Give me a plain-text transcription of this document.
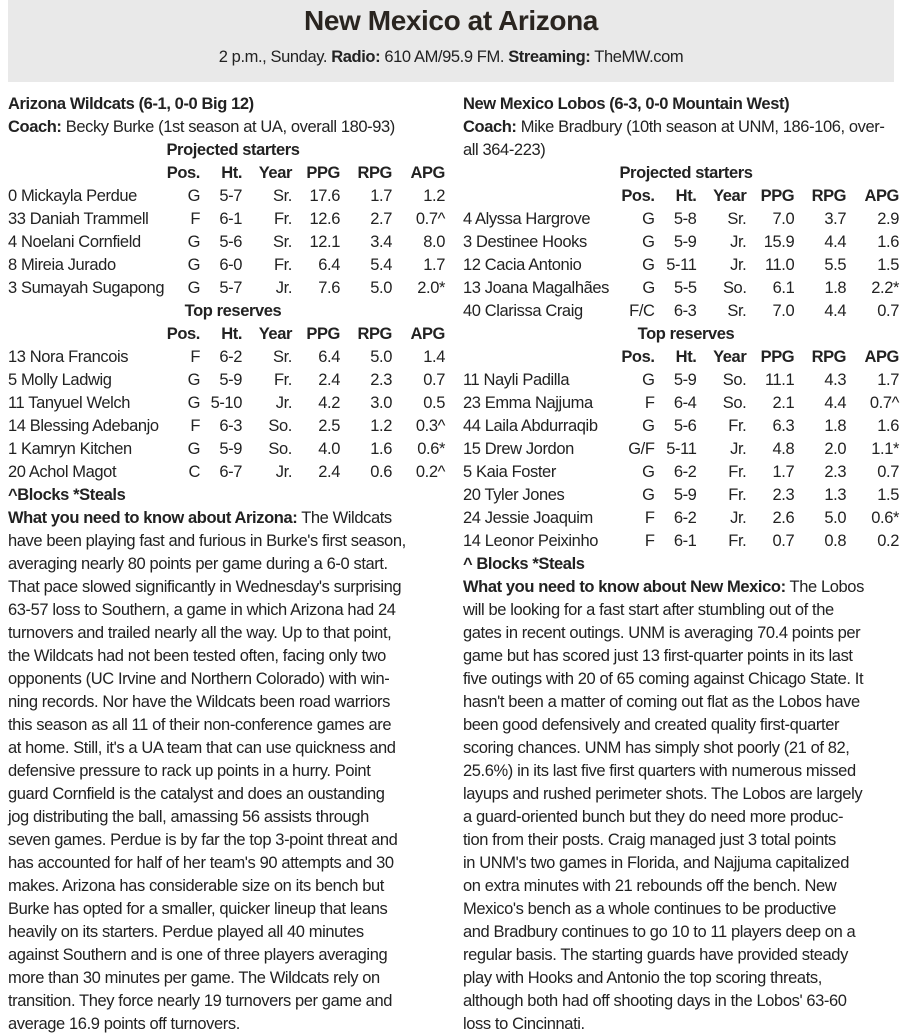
New Mexico at Arizona
2 p.m., Sunday. Radio: 610 AM/95.9 FM. Streaming: TheMW.com
Arizona Wildcats (6-1, 0-0 Big 12)
Coach: Becky Burke (1st season at UA, overall 180-93)
Projected starters
Pos.	Ht.	Year PPG	RPG	APG
0 Mickayla Perdue	G	5-7	Sr.	17.6	1.7	1.2
33 Daniah Trammell	F	6-1	Fr.	12.6	2.7	0.7^
4 Noelani Cornfield	G	5-6	Sr.	12.1	3.4	8.0
8 Mireia Jurado	G	6-0	Fr.	6.4	5.4	1.7
3 Sumayah Sugapong	G	5-7	Jr.	7.6	5.0	2.0*
Top reserves
Pos.	Ht.	Year PPG	RPG	APG
13 Nora Francois	F	6-2	Sr.	6.4	5.0	1.4
5 Molly Ladwig	G	5-9	Fr.	2.4	2.3	0.7
11 Tanyuel Welch	G 5-10	Jr.	4.2	3.0	0.5
14 Blessing Adebanjo	F	6-3	So.	2.5	1.2	0.3^
1 Kamryn Kitchen	G	5-9	So.	4.0	1.6	0.6*
20 Achol Magot	C	6-7	Jr.	2.4	0.6	0.2^
^Blocks *Steals
What you need to know about Arizona: The Wildcats
have been playing fast and furious in Burke's first season,
averaging nearly 80 points per game during a 6-0 start.
That pace slowed significantly in Wednesday's surprising
63-57 loss to Southern, a game in which Arizona had 24
turnovers and trailed nearly all the way. Up to that point,
the Wildcats had not been tested often, facing only two
opponents (UC Irvine and Northern Colorado) with win-
ning records. Nor have the Wildcats been road warriors
this season as all 11 of their non-conference games are
at home. Still, it's a UA team that can use quickness and
defensive pressure to rack up points in a hurry. Point
guard Cornfield is the catalyst and does an oustanding
jog distributing the ball, amassing 56 assists through
seven games. Perdue is by far the top 3-point threat and
has accounted for half of her team's 90 attempts and 30
makes. Arizona has considerable size on its bench but
Burke has opted for a smaller, quicker lineup that leans
heavily on its starters. Perdue played all 40 minutes
against Southern and is one of three players averaging
more than 30 minutes per game. The Wildcats rely on
transition. They force nearly 19 turnovers per game and
average 16.9 points off turnovers.
New Mexico Lobos (6-3, 0-0 Mountain West)
Coach: Mike Bradbury (10th season at UNM, 186-106, over-
all 364-223)
Projected starters
Pos.	Ht.	Year PPG	RPG	APG
4 Alyssa Hargrove	G	5-8	Sr.	7.0	3.7	2.9
3 Destinee Hooks	G	5-9	Jr.	15.9	4.4	1.6
12 Cacia Antonio	G 5-11	Jr.	11.0	5.5	1.5
13 Joana Magalhães	G	5-5	So.	6.1	1.8	2.2*
40 Clarissa Craig	F/C	6-3	Sr.	7.0	4.4	0.7
Top reserves
Pos.	Ht.	Year PPG	RPG	APG
11 Nayli Padilla	G	5-9	So.	11.1	4.3	1.7
23 Emma Najjuma	F	6-4	So.	2.1	4.4	0.7^
44 Laila Abdurraqib	G	5-6	Fr.	6.3	1.8	1.6
15 Drew Jordon	G/F 5-11	Jr.	4.8	2.0	1.1*
5 Kaia Foster	G	6-2	Fr.	1.7	2.3	0.7
20 Tyler Jones	G	5-9	Fr.	2.3	1.3	1.5
24 Jessie Joaquim	F	6-2	Jr.	2.6	5.0	0.6*
14 Leonor Peixinho	F	6-1	Fr.	0.7	0.8	0.2
^ Blocks *Steals
What you need to know about New Mexico: The Lobos
will be looking for a fast start after stumbling out of the
gates in recent outings. UNM is averaging 70.4 points per
game but has scored just 13 first-quarter points in its last
five outings with 20 of 65 coming against Chicago State. It
hasn't been a matter of coming out flat as the Lobos have
been good defensively and created quality first-quarter
scoring chances. UNM has simply shot poorly (21 of 82,
25.6%) in its last five first quarters with numerous missed
layups and rushed perimeter shots. The Lobos are largely
a guard-oriented bunch but they do need more produc-
tion from their posts. Craig managed just 3 total points
in UNM's two games in Florida, and Najjuma capitalized
on extra minutes with 21 rebounds off the bench. New
Mexico's bench as a whole continues to be productive
and Bradbury continues to go 10 to 11 players deep on a
regular basis. The starting guards have provided steady
play with Hooks and Antonio the top scoring threats,
although both had off shooting days in the Lobos' 63-60
loss to Cincinnati.
